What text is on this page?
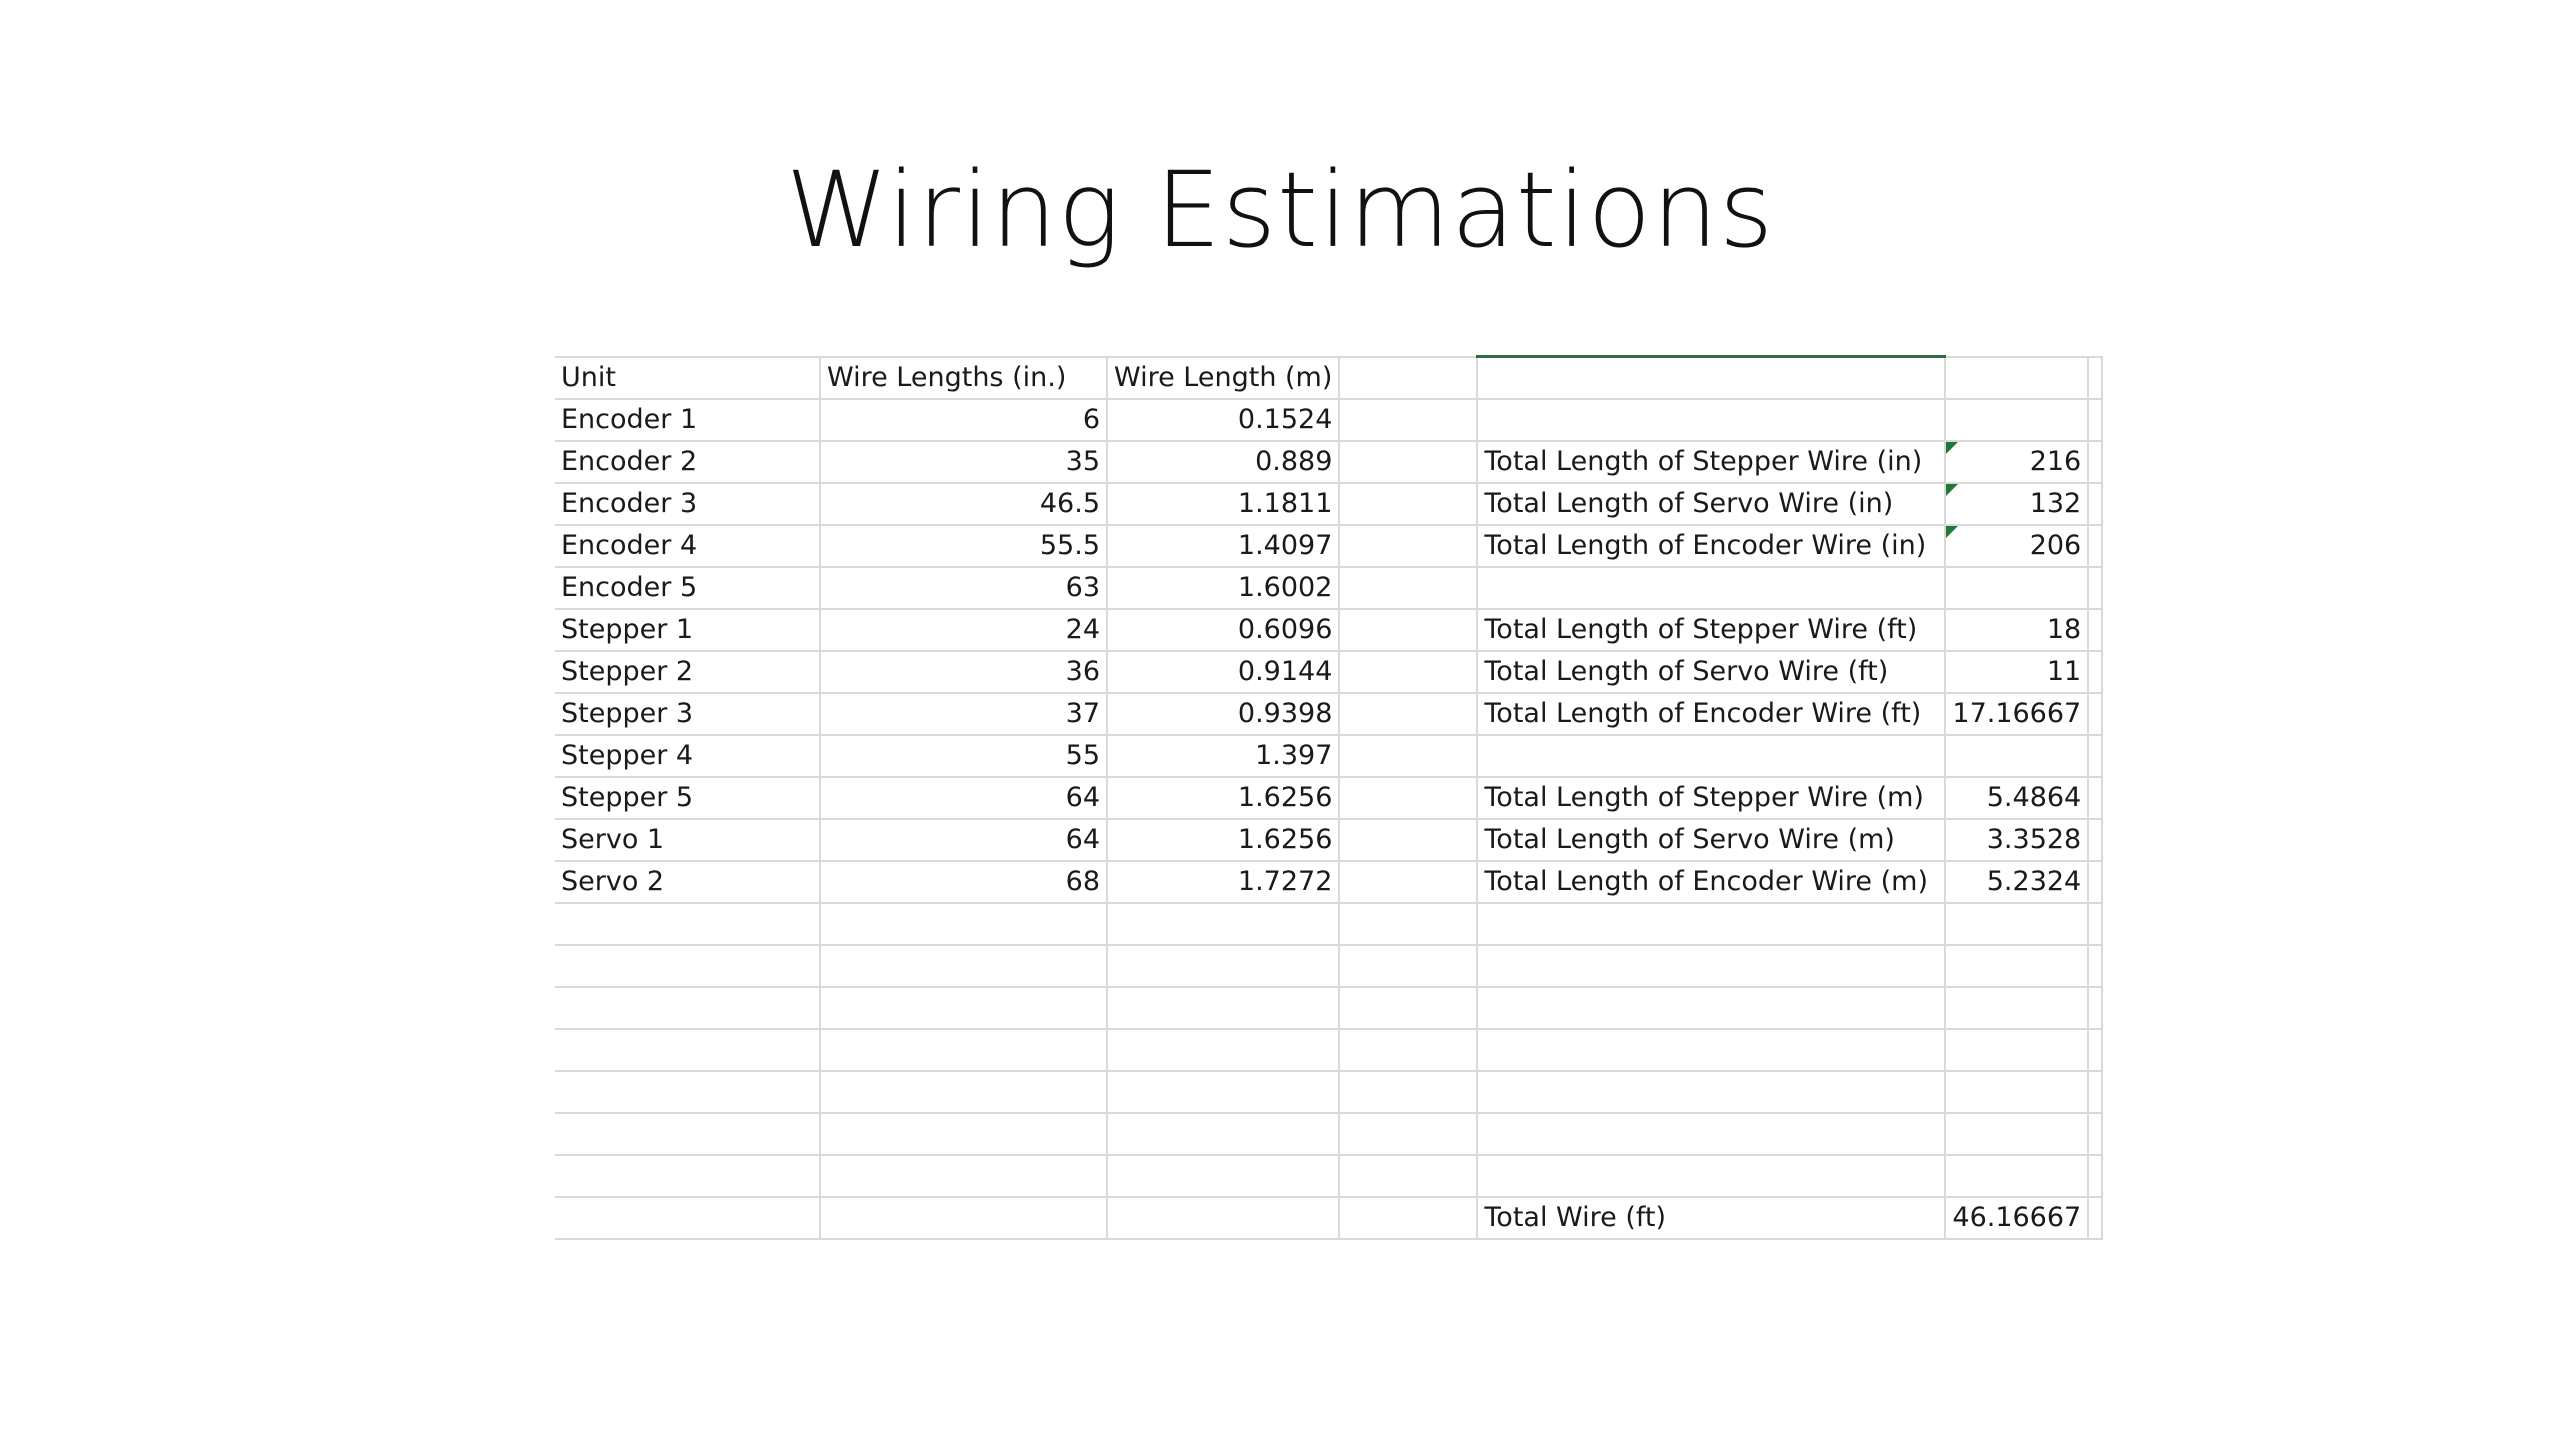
Wiring Estimations
Unit	Wire Lengths (in.)	Wire Length (m)				
Encoder 1	6	0.1524				
Encoder 2	35	0.889		Total Length of Stepper Wire (in)	216	
Encoder 3	46.5	1.1811		Total Length of Servo Wire (in)	132	
Encoder 4	55.5	1.4097		Total Length of Encoder Wire (in)	206	
Encoder 5	63	1.6002				
Stepper 1	24	0.6096		Total Length of Stepper Wire (ft)	18	
Stepper 2	36	0.9144		Total Length of Servo Wire (ft)	11	
Stepper 3	37	0.9398		Total Length of Encoder Wire (ft)	17.16667	
Stepper 4	55	1.397				
Stepper 5	64	1.6256		Total Length of Stepper Wire (m)	5.4864	
Servo 1	64	1.6256		Total Length of Servo Wire (m)	3.3528	
Servo 2	68	1.7272		Total Length of Encoder Wire (m)	5.2324	

				Total Wire (ft)	46.16667	
